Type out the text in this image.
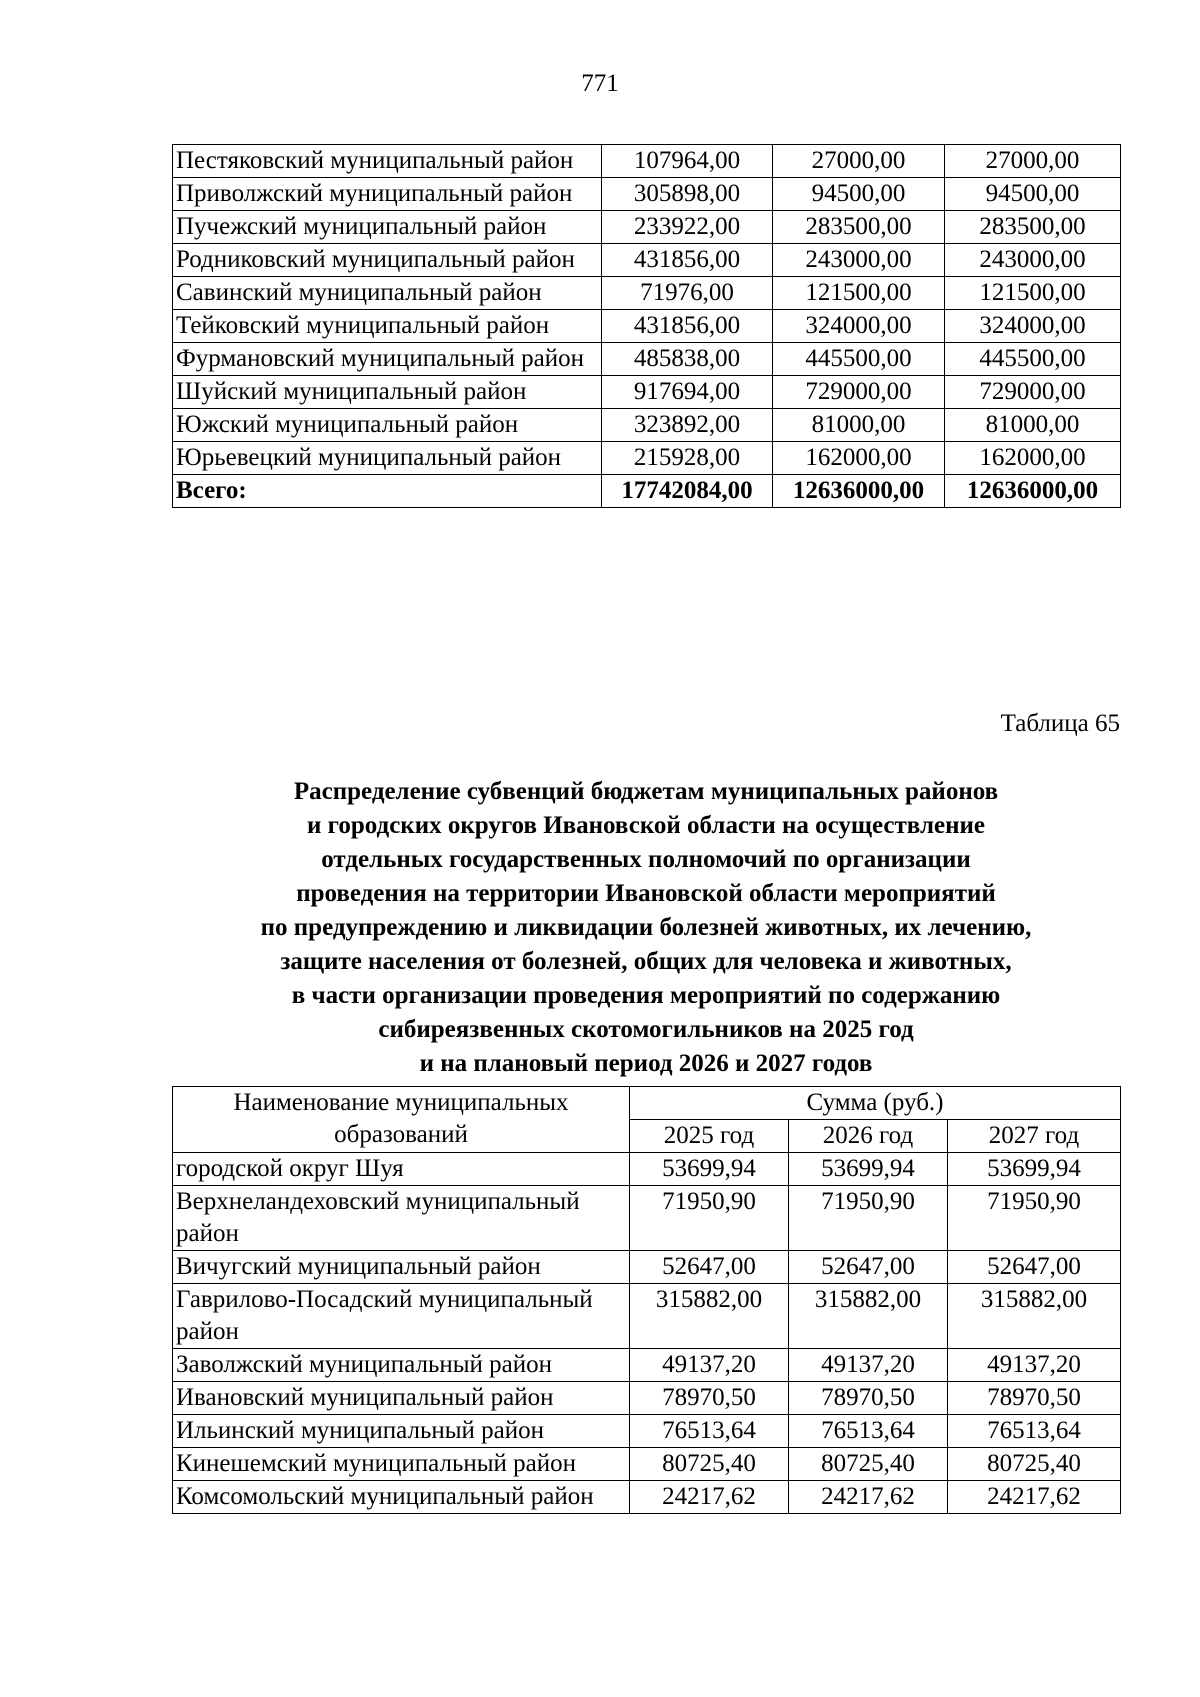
771
Пестяковский муниципальный район	107964,00	27000,00	27000,00
Приволжский муниципальный район	305898,00	94500,00	94500,00
Пучежский муниципальный район	233922,00	283500,00	283500,00
Родниковский муниципальный район	431856,00	243000,00	243000,00
Савинский муниципальный район	71976,00	121500,00	121500,00
Тейковский муниципальный район	431856,00	324000,00	324000,00
Фурмановский муниципальный район	485838,00	445500,00	445500,00
Шуйский муниципальный район	917694,00	729000,00	729000,00
Южский муниципальный район	323892,00	81000,00	81000,00
Юрьевецкий муниципальный район	215928,00	162000,00	162000,00
Всего:	17742084,00	12636000,00	12636000,00
Таблица 65
Распределение субвенций бюджетам муниципальных районов
и городских округов Ивановской области на осуществление
отдельных государственных полномочий по организации
проведения на территории Ивановской области мероприятий
по предупреждению и ликвидации болезней животных, их лечению,
защите населения от болезней, общих для человека и животных,
в части организации проведения мероприятий по содержанию
сибиреязвенных скотомогильников на 2025 год
и на плановый период 2026 и 2027 годов
Наименование муниципальных образований	Сумма (руб.)		
	2025 год	2026 год	2027 год
городской округ Шуя	53699,94	53699,94	53699,94
Верхнеландеховский муниципальный район	71950,90	71950,90	71950,90
Вичугский муниципальный район	52647,00	52647,00	52647,00
Гаврилово-Посадский муниципальный район	315882,00	315882,00	315882,00
Заволжский муниципальный район	49137,20	49137,20	49137,20
Ивановский муниципальный район	78970,50	78970,50	78970,50
Ильинский муниципальный район	76513,64	76513,64	76513,64
Кинешемский муниципальный район	80725,40	80725,40	80725,40
Комсомольский муниципальный район	24217,62	24217,62	24217,62
